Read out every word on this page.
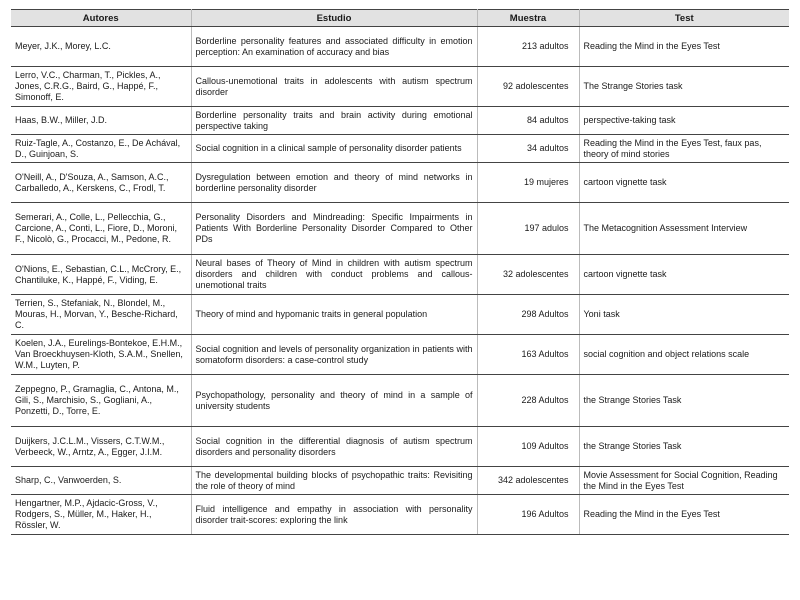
Autores	Estudio	Muestra	Test
Meyer, J.K., Morey, L.C.	Borderline personality features and associated difficulty in emotion perception: An examination of accuracy and bias	213 adultos	Reading the Mind in the Eyes Test
Lerro, V.C., Charman, T., Pickles, A., Jones, C.R.G., Baird, G., Happé, F., Simonoff, E.	Callous-unemotional traits in adolescents with autism spectrum disorder	92 adolescentes	The Strange Stories task
Haas, B.W., Miller, J.D.	Borderline personality traits and brain activity during emotional perspective taking	84 adultos	perspective-taking task
Ruiz-Tagle, A., Costanzo, E., De Achával, D., Guinjoan, S.	Social cognition in a clinical sample of personality disorder patients	34 adultos	Reading the Mind in the Eyes Test, faux pas, theory of mind stories
O'Neill, A., D'Souza, A., Samson, A.C., Carballedo, A., Kerskens, C., Frodl, T.	Dysregulation between emotion and theory of mind networks in borderline personality disorder	19 mujeres	cartoon vignette task
Semerari, A., Colle, L., Pellecchia, G., Carcione, A., Conti, L., Fiore, D., Moroni, F., Nicolò, G., Procacci, M., Pedone, R.	Personality Disorders and Mindreading: Specific Impairments in Patients With Borderline Personality Disorder Compared to Other PDs	197 adulos	The Metacognition Assessment Interview
O'Nions, E., Sebastian, C.L., McCrory, E., Chantiluke, K., Happé, F., Viding, E.	Neural bases of Theory of Mind in children with autism spectrum disorders and children with conduct problems and callous-unemotional traits	32 adolescentes	cartoon vignette task
Terrien, S., Stefaniak, N., Blondel, M., Mouras, H., Morvan, Y., Besche-Richard, C.	Theory of mind and hypomanic traits in general population	298 Adultos	Yoni task
Koelen, J.A., Eurelings-Bontekoe, E.H.M., Van Broeckhuysen-Kloth, S.A.M., Snellen, W.M., Luyten, P.	Social cognition and levels of personality organization in patients with somatoform disorders: a case-control study	163 Adultos	social cognition and object relations scale
Zeppegno, P., Gramaglia, C., Antona, M., Gili, S., Marchisio, S., Gogliani, A., Ponzetti, D., Torre, E.	Psychopathology, personality and theory of mind in a sample of university students	228 Adultos	the Strange Stories Task
Duijkers, J.C.L.M., Vissers, C.T.W.M., Verbeeck, W., Arntz, A., Egger, J.I.M.	Social cognition in the differential diagnosis of autism spectrum disorders and personality disorders	109 Adultos	the Strange Stories Task
Sharp, C., Vanwoerden, S.	The developmental building blocks of psychopathic traits: Revisiting the role of theory of mind	342 adolescentes	Movie Assessment for Social Cognition, Reading the Mind in the Eyes Test
Hengartner, M.P., Ajdacic-Gross, V., Rodgers, S., Müller, M., Haker, H., Rössler, W.	Fluid intelligence and empathy in association with personality disorder trait-scores: exploring the link	196 Adultos	Reading the Mind in the Eyes Test
